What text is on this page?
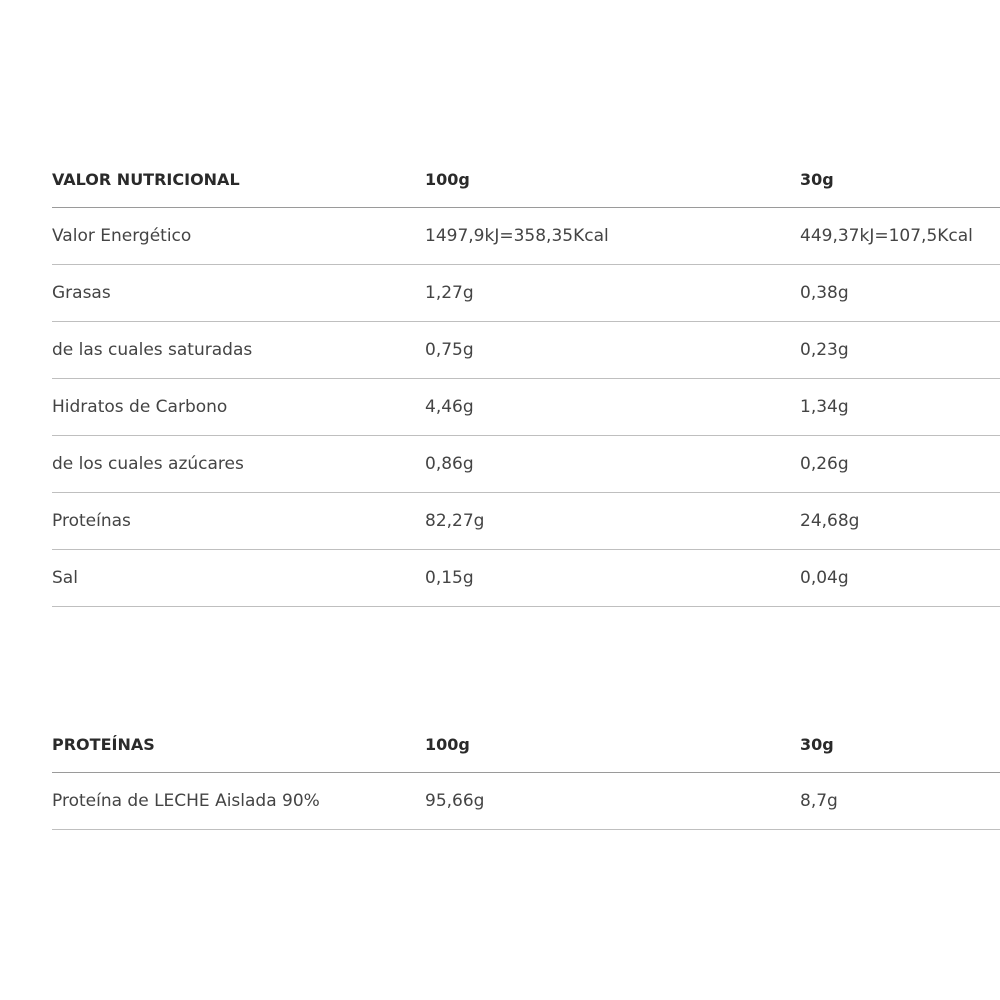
VALOR NUTRICIONAL	100g	30g
Valor Energético	1497,9kJ=358,35Kcal	449,37kJ=107,5Kcal
Grasas	1,27g	0,38g
de las cuales saturadas	0,75g	0,23g
Hidratos de Carbono	4,46g	1,34g
de los cuales azúcares	0,86g	0,26g
Proteínas	82,27g	24,68g
Sal	0,15g	0,04g
PROTEÍNAS	100g	30g
Proteína de LECHE Aislada 90%	95,66g	8,7g
